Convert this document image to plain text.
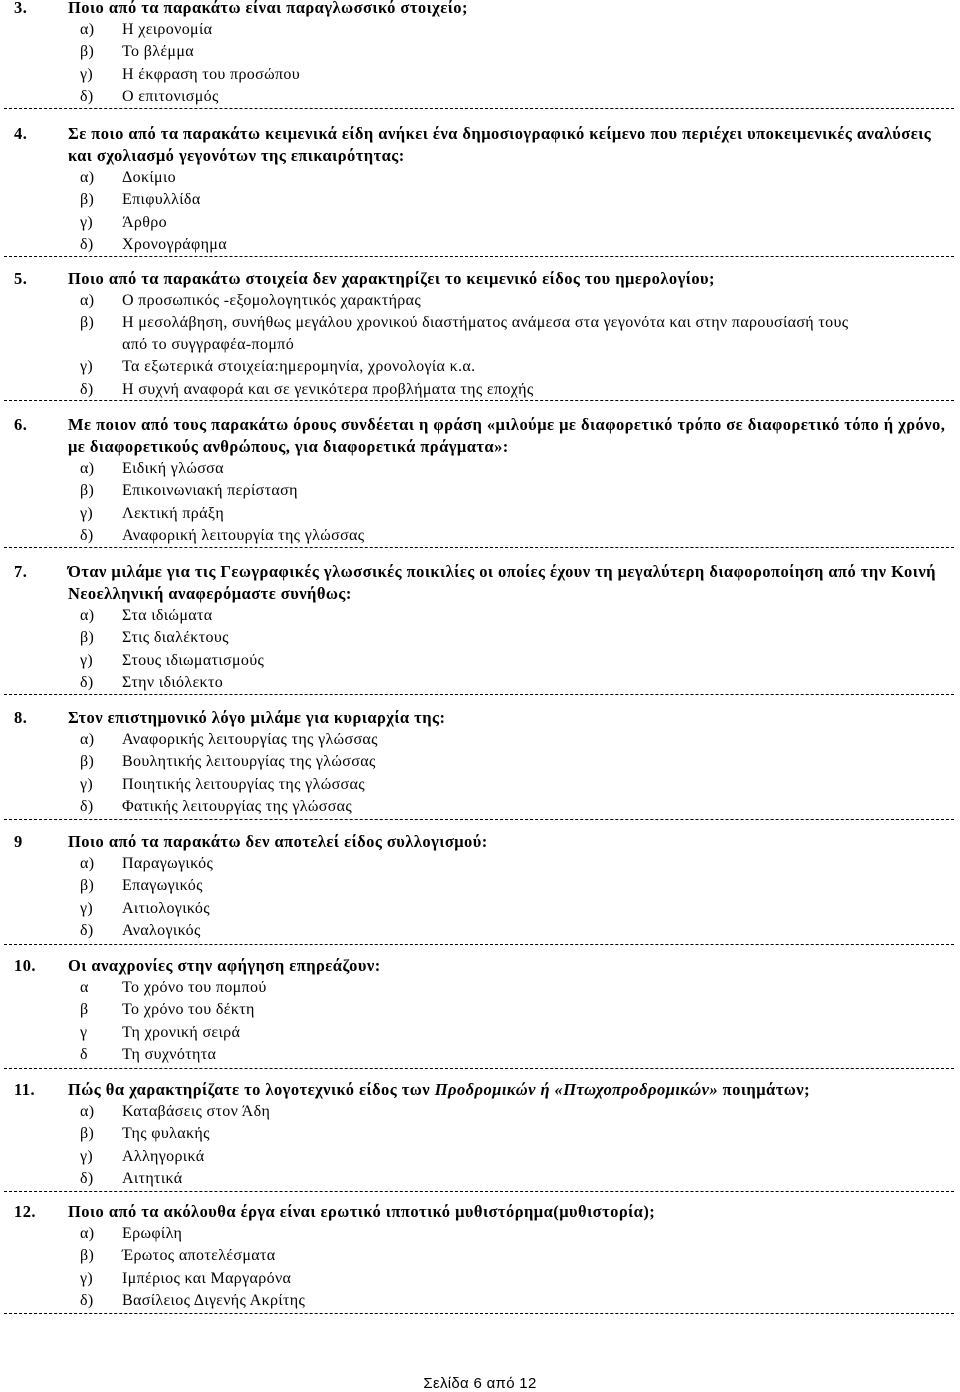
3. Ποιο από τα παρακάτω είναι παραγλωσσικό στοιχείο;
α) Η χειρονομία
β) Το βλέμμα
γ) Η έκφραση του προσώπου
δ) Ο επιτονισμός
4. Σε ποιο από τα παρακάτω κειμενικά είδη ανήκει ένα δημοσιογραφικό κείμενο που περιέχει υποκειμενικές αναλύσεις και σχολιασμό γεγονότων της επικαιρότητας:
α) Δοκίμιο
β) Επιφυλλίδα
γ) Άρθρο
δ) Χρονογράφημα
5. Ποιο από τα παρακάτω στοιχεία δεν χαρακτηρίζει το κειμενικό είδος του ημερολογίου;
α) Ο προσωπικός -εξομολογητικός χαρακτήρας
β) Η μεσολάβηση, συνήθως μεγάλου χρονικού διαστήματος ανάμεσα στα γεγονότα και στην παρουσίασή τους από το συγγραφέα-πομπό
γ) Τα εξωτερικά στοιχεία:ημερομηνία, χρονολογία κ.α.
δ) Η συχνή αναφορά και σε γενικότερα προβλήματα της εποχής
6. Με ποιον από τους παρακάτω όρους συνδέεται η φράση «μιλούμε με διαφορετικό τρόπο σε διαφορετικό τόπο ή χρόνο, με διαφορετικούς ανθρώπους, για διαφορετικά πράγματα»:
α) Ειδική γλώσσα
β) Επικοινωνιακή περίσταση
γ) Λεκτική πράξη
δ) Αναφορική λειτουργία της γλώσσας
7. Όταν μιλάμε για τις Γεωγραφικές γλωσσικές ποικιλίες οι οποίες έχουν τη μεγαλύτερη διαφοροποίηση από την Κοινή Νεοελληνική αναφερόμαστε συνήθως:
α) Στα ιδιώματα
β) Στις διαλέκτους
γ) Στους ιδιωματισμούς
δ) Στην ιδιόλεκτο
8. Στον επιστημονικό λόγο μιλάμε για κυριαρχία της:
α) Αναφορικής λειτουργίας της γλώσσας
β) Βουλητικής λειτουργίας της γλώσσας
γ) Ποιητικής λειτουργίας της γλώσσας
δ) Φατικής λειτουργίας της γλώσσας
9	Ποιο από τα παρακάτω δεν αποτελεί είδος συλλογισμού:
α) Παραγωγικός
β) Επαγωγικός
γ) Αιτιολογικός
δ) Αναλογικός
10. Οι αναχρονίες στην αφήγηση επηρεάζουν:
α Το χρόνο του πομπού
β Το χρόνο του δέκτη
γ Τη χρονική σειρά
δ Τη συχνότητα
11. Πώς θα χαρακτηρίζατε το λογοτεχνικό είδος των Προδρομικών ή «Πτωχοπροδρομικών» ποιημάτων;
α) Καταβάσεις στον Άδη
β) Της φυλακής
γ) Αλληγορικά
δ) Αιτητικά
12. Ποιο από τα ακόλουθα έργα είναι ερωτικό ιπποτικό μυθιστόρημα(μυθιστορία);
α) Ερωφίλη
β) Έρωτος αποτελέσματα
γ) Ιμπέριος και Μαργαρόνα
δ) Βασίλειος Διγενής Ακρίτης
Σελίδα 6 από 12
